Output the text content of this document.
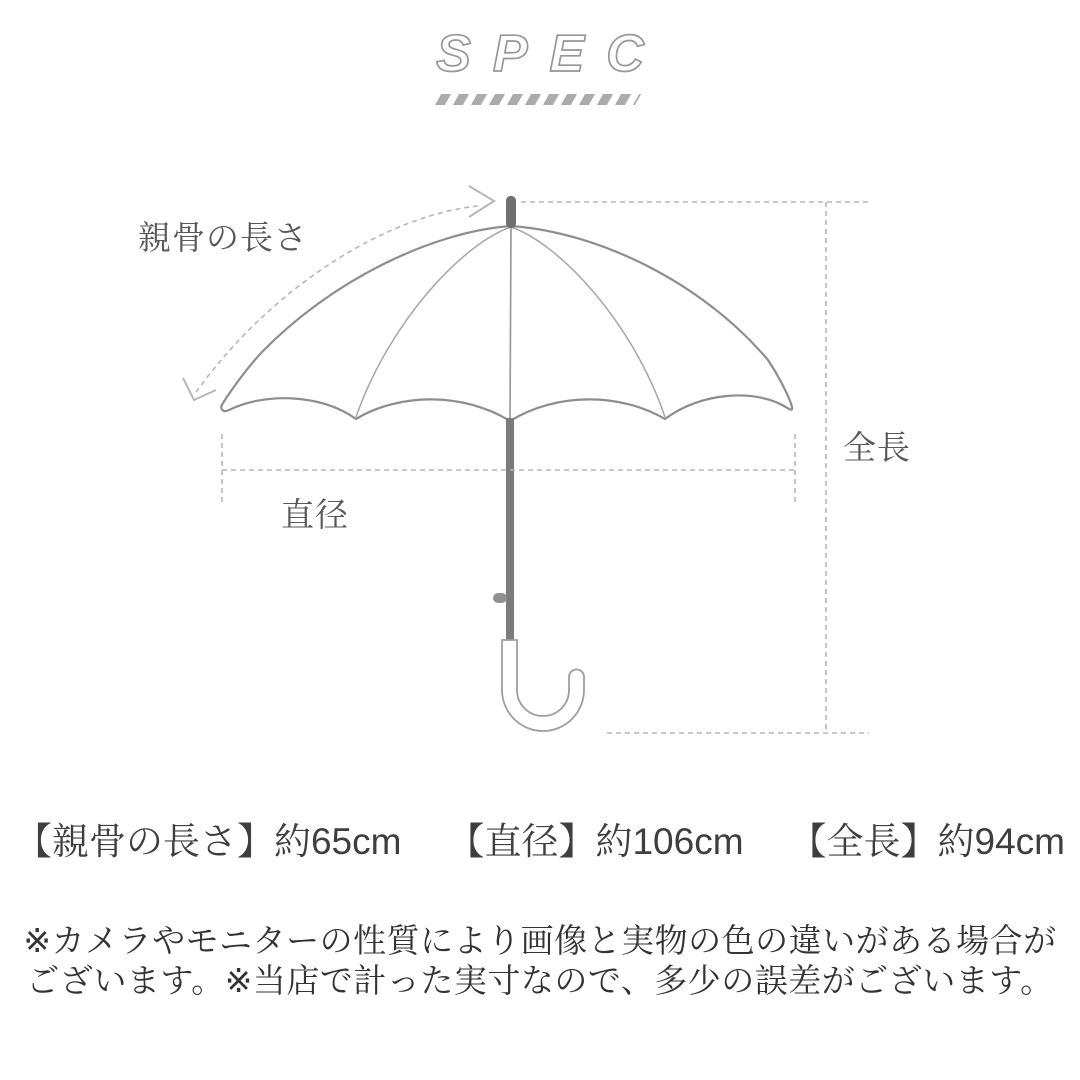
SPEC
親骨の長さ
直径
全長
【親骨の長さ】約65cm 【直径】約106cm 【全長】約94cm
※カメラやモニターの性質により画像と実物の色の違いがある場合が
ございます。※当店で計った実寸なので、多少の誤差がございます。
